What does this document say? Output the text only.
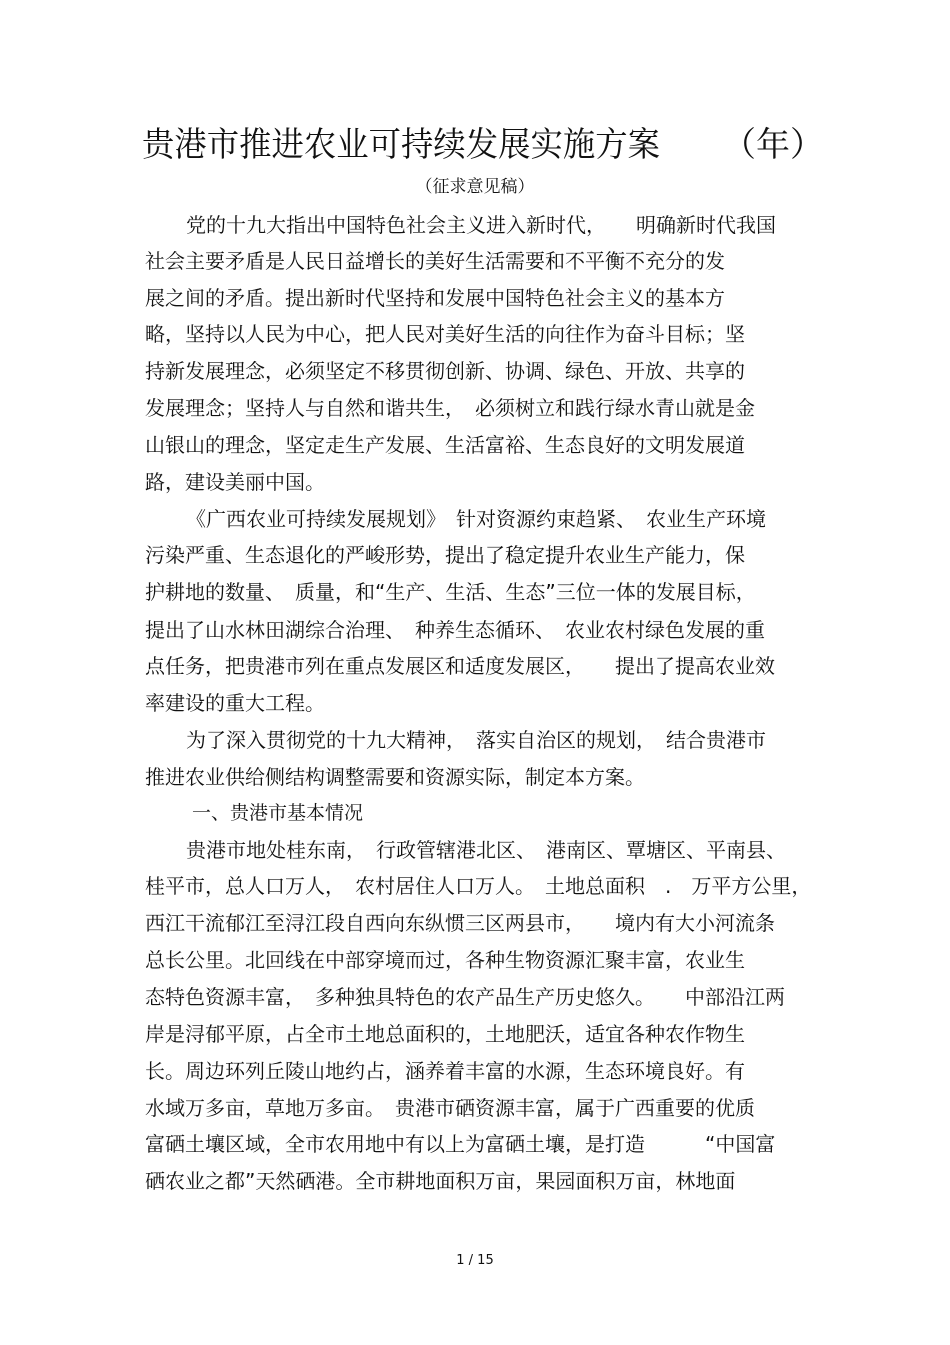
贵港市推进农业可持续发展实施方案 （年）
（征求意见稿）
党的十九大指出中国特色社会主义进入新时代，　　明确新时代我国
社会主要矛盾是人民日益增长的美好生活需要和不平衡不充分的发
展之间的矛盾。提出新时代坚持和发展中国特色社会主义的基本方
略，坚持以人民为中心，把人民对美好生活的向往作为奋斗目标；坚
持新发展理念，必须坚定不移贯彻创新、协调、绿色、开放、共享的
发展理念；坚持人与自然和谐共生，　必须树立和践行绿水青山就是金
山银山的理念，坚定走生产发展、生活富裕、生态良好的文明发展道
路，建设美丽中国。
《广西农业可持续发展规划》　针对资源约束趋紧、　农业生产环境
污染严重、生态退化的严峻形势，提出了稳定提升农业生产能力，保
护耕地的数量、　质量，和“生产、生活、生态”三位一体的发展目标，
提出了山水林田湖综合治理、　种养生态循环、　农业农村绿色发展的重
点任务，把贵港市列在重点发展区和适度发展区，　　提出了提高农业效
率建设的重大工程。
为了深入贯彻党的十九大精神，　落实自治区的规划，　结合贵港市
推进农业供给侧结构调整需要和资源实际，制定本方案。
一、贵港市基本情况
贵港市地处桂东南，　行政管辖港北区、　港南区、覃塘区、平南县、
桂平市，总人口万人，　农村居住人口万人。　土地总面积　.　万平方公里，
西江干流郁江至浔江段自西向东纵惯三区两县市，　　境内有大小河流条
总长公里。北回线在中部穿境而过，各种生物资源汇聚丰富，农业生
态特色资源丰富，　多种独具特色的农产品生产历史悠久。　　中部沿江两
岸是浔郁平原，占全市土地总面积的，土地肥沃，适宜各种农作物生
长。周边环列丘陵山地约占，涵养着丰富的水源，生态环境良好。有
水域万多亩，草地万多亩。　贵港市硒资源丰富，属于广西重要的优质
富硒土壤区域，全市农用地中有以上为富硒土壤，是打造　　　“中国富
硒农业之都”天然硒港。全市耕地面积万亩，果园面积万亩，林地面
1 / 15
